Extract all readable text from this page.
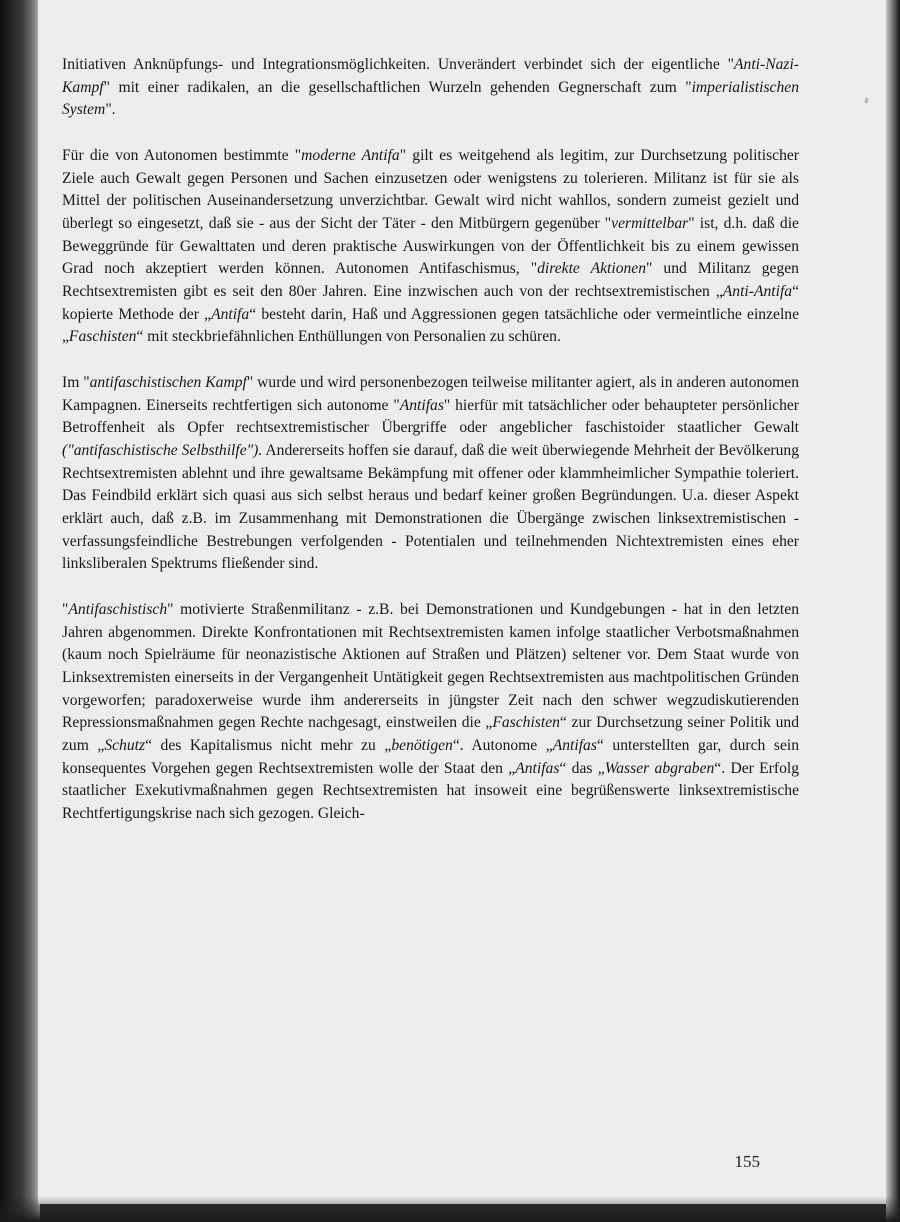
Initiativen Anknüpfungs- und Integrationsmöglichkeiten. Unverändert verbindet sich der eigentliche "Anti-Nazi-Kampf" mit einer radikalen, an die gesellschaftlichen Wurzeln gehenden Gegnerschaft zum "imperialistischen System".

Für die von Autonomen bestimmte "moderne Antifa" gilt es weitgehend als legitim, zur Durchsetzung politischer Ziele auch Gewalt gegen Personen und Sachen einzusetzen oder wenigstens zu tolerieren. Militanz ist für sie als Mittel der politischen Auseinandersetzung unverzichtbar. Gewalt wird nicht wahllos, sondern zumeist gezielt und überlegt so eingesetzt, daß sie - aus der Sicht der Täter - den Mitbürgern gegenüber "vermittelbar" ist, d.h. daß die Beweggründe für Gewalttaten und deren praktische Auswirkungen von der Öffentlichkeit bis zu einem gewissen Grad noch akzeptiert werden können. Autonomen Antifaschismus, "direkte Aktionen" und Militanz gegen Rechtsextremisten gibt es seit den 80er Jahren. Eine inzwischen auch von der rechtsextremistischen „Anti-Antifa“ kopierte Methode der „Antifa“ besteht darin, Haß und Aggressionen gegen tatsächliche oder vermeintliche einzelne „Faschisten“ mit steckbriefähnlichen Enthüllungen von Personalien zu schüren.

Im "antifaschistischen Kampf" wurde und wird personenbezogen teilweise militanter agiert, als in anderen autonomen Kampagnen. Einerseits rechtfertigen sich autonome "Antifas" hierfür mit tatsächlicher oder behaupteter persönlicher Betroffenheit als Opfer rechtsextremistischer Übergriffe oder angeblicher faschistoider staatlicher Gewalt ("antifaschistische Selbsthilfe"). Andererseits hoffen sie darauf, daß die weit überwiegende Mehrheit der Bevölkerung Rechtsextremisten ablehnt und ihre gewaltsame Bekämpfung mit offener oder klammheimlicher Sympathie toleriert. Das Feindbild erklärt sich quasi aus sich selbst heraus und bedarf keiner großen Begründungen. U.a. dieser Aspekt erklärt auch, daß z.B. im Zusammenhang mit Demonstrationen die Übergänge zwischen linksextremistischen - verfassungsfeindliche Bestrebungen verfolgenden - Potentialen und teilnehmenden Nichtextremisten eines eher linksliberalen Spektrums fließender sind.

"Antifaschistisch" motivierte Straßenmilitanz - z.B. bei Demonstrationen und Kundgebungen - hat in den letzten Jahren abgenommen. Direkte Konfrontationen mit Rechtsextremisten kamen infolge staatlicher Verbotsmaßnahmen (kaum noch Spielräume für neonazistische Aktionen auf Straßen und Plätzen) seltener vor. Dem Staat wurde von Linksextremisten einerseits in der Vergangenheit Untätigkeit gegen Rechtsextremisten aus machtpolitischen Gründen vorgeworfen; paradoxerweise wurde ihm andererseits in jüngster Zeit nach den schwer wegzudiskutierenden Repressionsmaßnahmen gegen Rechte nachgesagt, einstweilen die „Faschisten“ zur Durchsetzung seiner Politik und zum „Schutz“ des Kapitalismus nicht mehr zu „benötigen“. Autonome „Antifas“ unterstellten gar, durch sein konsequentes Vorgehen gegen Rechtsextremisten wolle der Staat den „Antifas“ das „Wasser abgraben“. Der Erfolg staatlicher Exekutivmaßnahmen gegen Rechtsextremisten hat insoweit eine begrüßenswerte linksextremistische Rechtfertigungskrise nach sich gezogen. Gleich-

155
